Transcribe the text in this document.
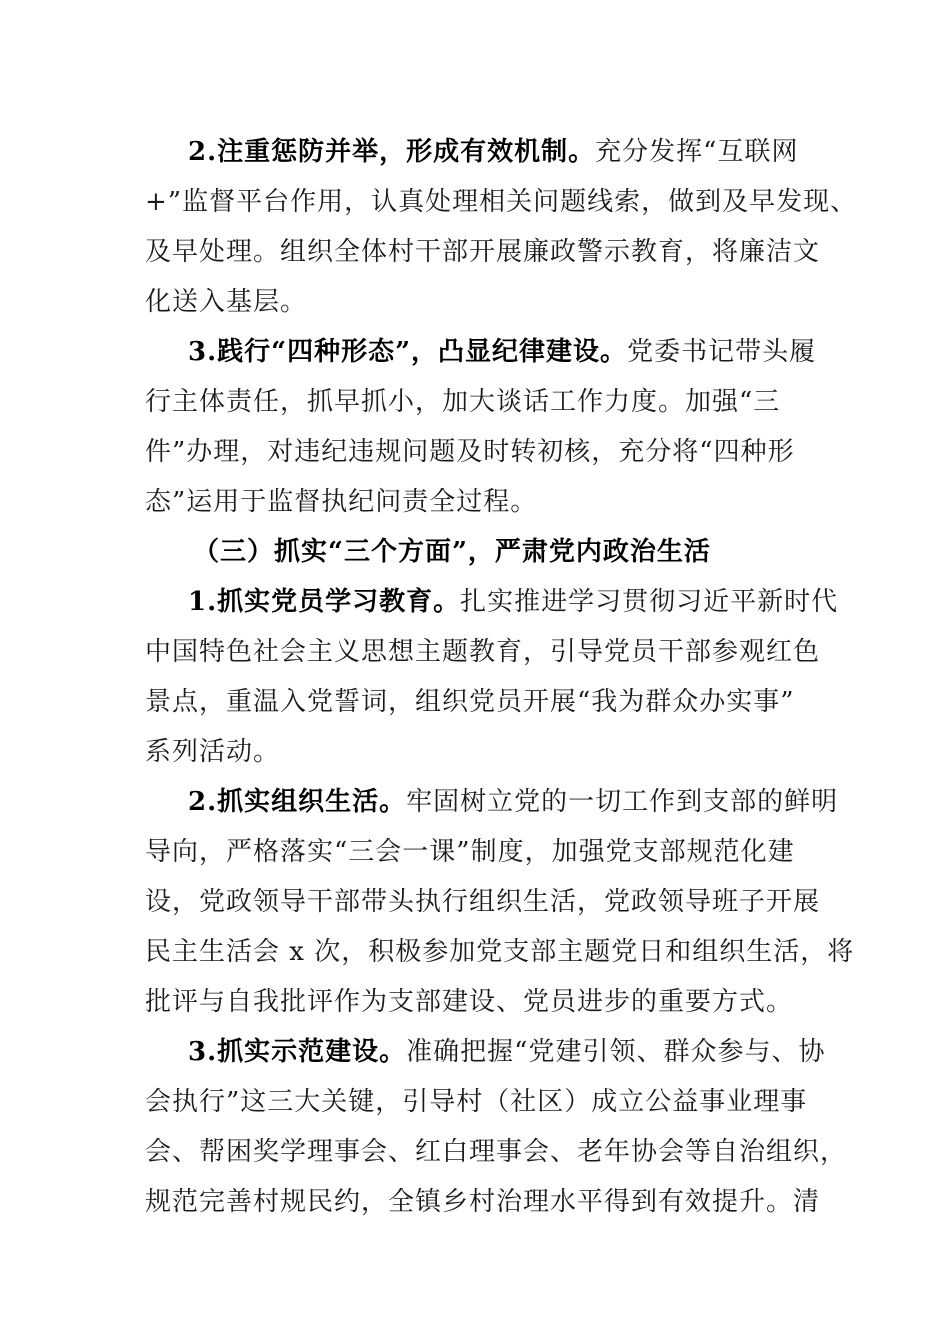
2.注重惩防并举，形成有效机制。充分发挥“互联网
+”监督平台作用，认真处理相关问题线索，做到及早发现、
及早处理。组织全体村干部开展廉政警示教育，将廉洁文
化送入基层。
3.践行“四种形态”，凸显纪律建设。党委书记带头履
行主体责任，抓早抓小，加大谈话工作力度。加强“三
件”办理，对违纪违规问题及时转初核，充分将“四种形
态”运用于监督执纪问责全过程。
（三）抓实“三个方面”，严肃党内政治生活
1.抓实党员学习教育。扎实推进学习贯彻习近平新时代
中国特色社会主义思想主题教育，引导党员干部参观红色
景点，重温入党誓词，组织党员开展“我为群众办实事”
系列活动。
2.抓实组织生活。牢固树立党的一切工作到支部的鲜明
导向，严格落实“三会一课”制度，加强党支部规范化建
设，党政领导干部带头执行组织生活，党政领导班子开展
民主生活会 x 次，积极参加党支部主题党日和组织生活，将
批评与自我批评作为支部建设、党员进步的重要方式。
3.抓实示范建设。准确把握“党建引领、群众参与、协
会执行”这三大关键，引导村（社区）成立公益事业理事
会、帮困奖学理事会、红白理事会、老年协会等自治组织，
规范完善村规民约，全镇乡村治理水平得到有效提升。清
